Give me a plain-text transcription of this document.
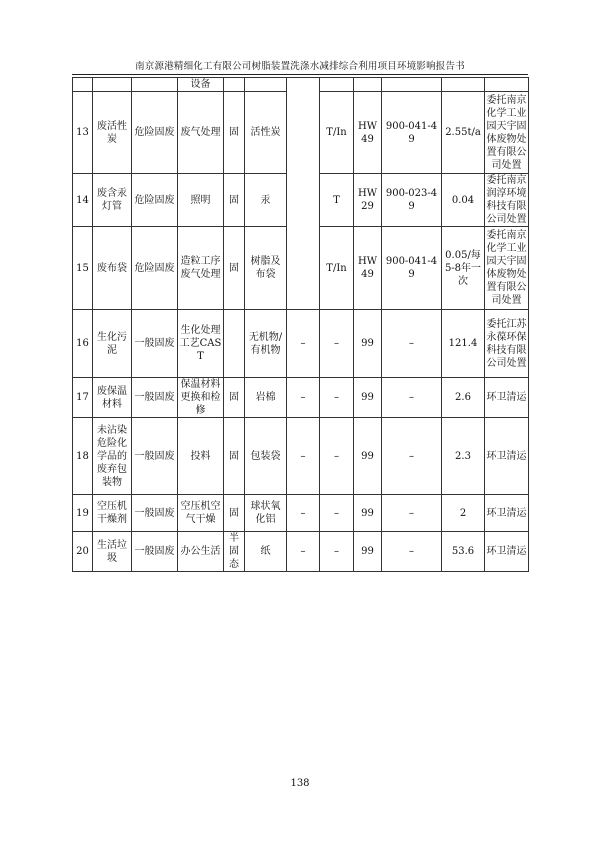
南京源港精细化工有限公司树脂装置洗涤水减排综合利用项目环境影响报告书
			设备								
13	废活性炭	危险固废	废气处理	固	活性炭		T/In	HW49	900-041-49	2.55t/a	委托南京化学工业园天宇固体废物处置有限公司处置
14	废含汞灯管	危险固废	照明	固	汞		T	HW29	900-023-49	0.04	委托南京润淳环境科技有限公司处置
15	废布袋	危险固废	造粒工序废气处理	固	树脂及布袋		T/In	HW49	900-041-49	0.05/每5-8年一次	委托南京化学工业园天宇固体废物处置有限公司处置
16	生化污泥	一般固废	生化处理工艺CAST		无机物/有机物	–	–	99	–	121.4	委托江苏永葆环保科技有限公司处置
17	废保温材料	一般固废	保温材料更换和检修	固	岩棉	–	–	99	–	2.6	环卫清运
18	未沾染危险化学品的废弃包装物	一般固废	投料	固	包装袋	–	–	99	–	2.3	环卫清运
19	空压机干燥剂	一般固废	空压机空气干燥	固	球状氧化铝	–	–	99	–	2	环卫清运
20	生活垃圾	一般固废	办公生活	半固态	纸	–	–	99	–	53.6	环卫清运
138
